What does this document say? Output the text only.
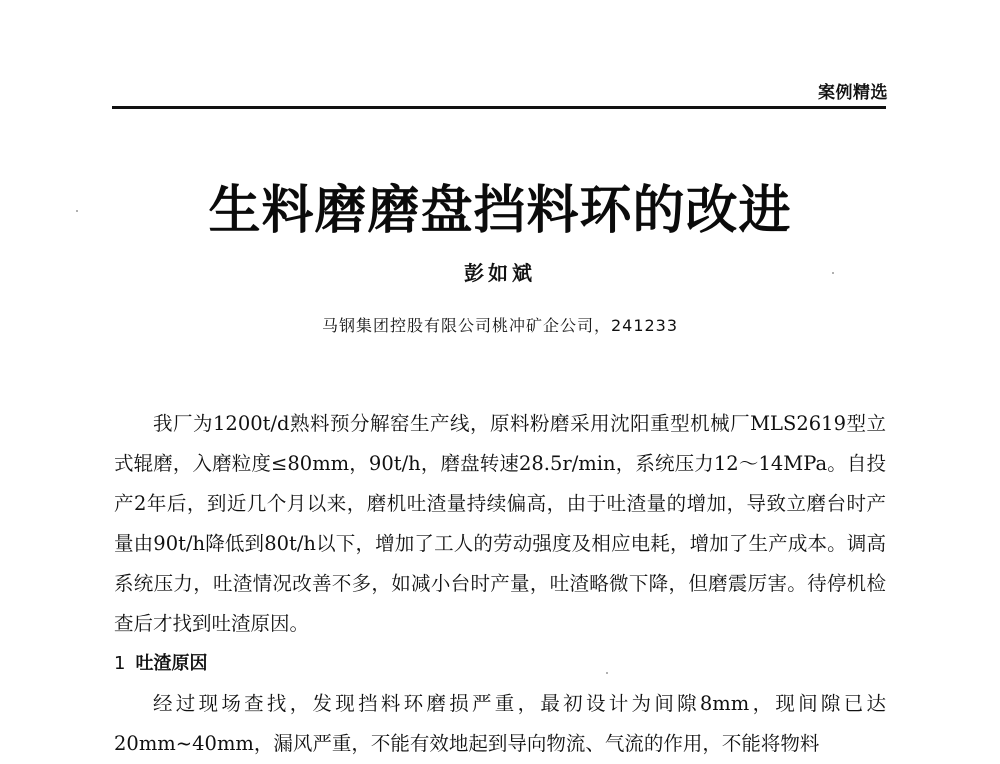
案例精选
生料磨磨盘挡料环的改进
彭如斌
马钢集团控股有限公司桃冲矿企公司，241233

我厂为1200t/d熟料预分解窑生产线，原料粉磨采用沈阳重型机械厂MLS2619型立式辊磨，入磨粒度≤80mm，90t/h，磨盘转速28.5r/min，系统压力12～14MPa。自投产2年后，到近几个月以来，磨机吐渣量持续偏高，由于吐渣量的增加，导致立磨台时产量由90t/h降低到80t/h以下，增加了工人的劳动强度及相应电耗，增加了生产成本。调高系统压力，吐渣情况改善不多，如减小台时产量，吐渣略微下降，但磨震厉害。待停机检查后才找到吐渣原因。

1 吐渣原因

经过现场查找，发现挡料环磨损严重，最初设计为间隙8mm，现间隙已达20mm~40mm，漏风严重，不能有效地起到导向物流、气流的作用，不能将物料
